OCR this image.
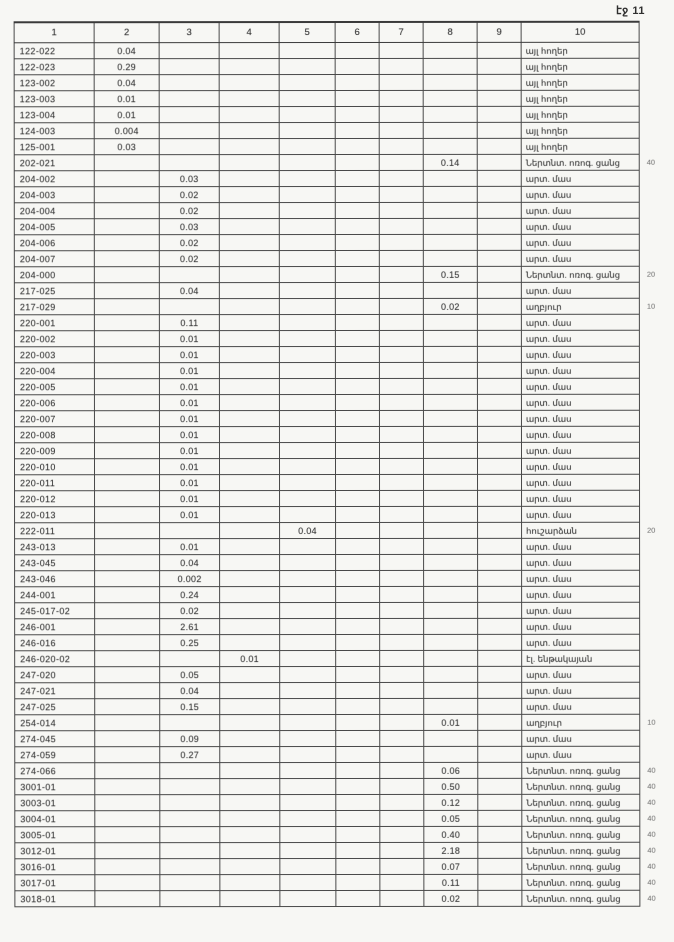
էջ 11
1	2	3	4	5	6	7	8	9	10	
122-022	0.04								այլ հողեր	
122-023	0.29								այլ հողեր	
123-002	0.04								այլ հողեր	
123-003	0.01								այլ հողեր	
123-004	0.01								այլ հողեր	
124-003	0.004								այլ հողեր	
125-001	0.03								այլ հողեր	
202-021							0.14		Ներտնտ. ոռոգ. ցանց	40
204-002		0.03							արտ. մաս	
204-003		0.02							արտ. մաս	
204-004		0.02							արտ. մաս	
204-005		0.03							արտ. մաս	
204-006		0.02							արտ. մաս	
204-007		0.02							արտ. մաս	
204-000							0.15		Ներտնտ. ոռոգ. ցանց	20
217-025		0.04							արտ. մաս	
217-029							0.02		աղբյուր	10
220-001		0.11							արտ. մաս	
220-002		0.01							արտ. մաս	
220-003		0.01							արտ. մաս	
220-004		0.01							արտ. մաս	
220-005		0.01							արտ. մաս	
220-006		0.01							արտ. մաս	
220-007		0.01							արտ. մաս	
220-008		0.01							արտ. մաս	
220-009		0.01							արտ. մաս	
220-010		0.01							արտ. մաս	
220-011		0.01							արտ. մաս	
220-012		0.01							արտ. մաս	
220-013		0.01							արտ. մաս	
222-011				0.04					հուշարձան	20
243-013		0.01							արտ. մաս	
243-045		0.04							արտ. մաս	
243-046		0.002							արտ. մաս	
244-001		0.24							արտ. մաս	
245-017-02		0.02							արտ. մաս	
246-001		2.61							արտ. մաս	
246-016		0.25							արտ. մաս	
246-020-02			0.01						էլ. ենթակայան	
247-020		0.05							արտ. մաս	
247-021		0.04							արտ. մաս	
247-025		0.15							արտ. մաս	
254-014							0.01		աղբյուր	10
274-045		0.09							արտ. մաս	
274-059		0.27							արտ. մաս	
274-066							0.06		Ներտնտ. ոռոգ. ցանց	40
3001-01							0.50		Ներտնտ. ոռոգ. ցանց	40
3003-01							0.12		Ներտնտ. ոռոգ. ցանց	40
3004-01							0.05		Ներտնտ. ոռոգ. ցանց	40
3005-01							0.40		Ներտնտ. ոռոգ. ցանց	40
3012-01							2.18		Ներտնտ. ոռոգ. ցանց	40
3016-01							0.07		Ներտնտ. ոռոգ. ցանց	40
3017-01							0.11		Ներտնտ. ոռոգ. ցանց	40
3018-01							0.02		Ներտնտ. ոռոգ. ցանց	40
